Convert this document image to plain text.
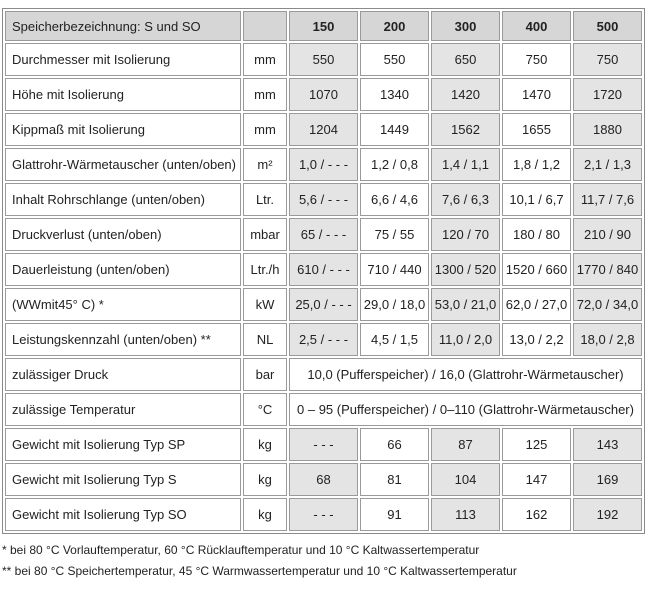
Speicherbezeichnung: S und SO		150	200	300	400	500
Durchmesser mit Isolierung	mm	550	550	650	750	750
Höhe mit Isolierung	mm	1070	1340	1420	1470	1720
Kippmaß mit Isolierung	mm	1204	1449	1562	1655	1880
Glattrohr-Wärmetauscher (unten/oben)	m²	1,0 / - - -	1,2 / 0,8	1,4 / 1,1	1,8 / 1,2	2,1 / 1,3
Inhalt Rohrschlange (unten/oben)	Ltr.	5,6 / - - -	6,6 / 4,6	7,6 / 6,3	10,1 / 6,7	11,7 / 7,6
Druckverlust (unten/oben)	mbar	65 / - - -	75 / 55	120 / 70	180 / 80	210 / 90
Dauerleistung (unten/oben)	Ltr./h	610 / - - -	710 / 440	1300 / 520	1520 / 660	1770 / 840
(WWmit45° C) *	kW	25,0 / - - -	29,0 / 18,0	53,0 / 21,0	62,0 / 27,0	72,0 / 34,0
Leistungskennzahl (unten/oben) **	NL	2,5 / - - -	4,5 / 1,5	11,0 / 2,0	13,0 / 2,2	18,0 / 2,8
zulässiger Druck	bar	10,0 (Pufferspeicher) / 16,0 (Glattrohr-Wärmetauscher)				
zulässige Temperatur	°C	0 – 95 (Pufferspeicher) / 0–110 (Glattrohr-Wärmetauscher)				
Gewicht mit Isolierung Typ SP	kg	- - -	66	87	125	143
Gewicht mit Isolierung Typ S	kg	68	81	104	147	169
Gewicht mit Isolierung Typ SO	kg	- - -	91	113	162	192
* bei 80 °C Vorlauftemperatur, 60 °C Rücklauftemperatur und 10 °C Kaltwassertemperatur
** bei 80 °C Speichertemperatur, 45 °C Warmwassertemperatur und 10 °C Kaltwassertemperatur
